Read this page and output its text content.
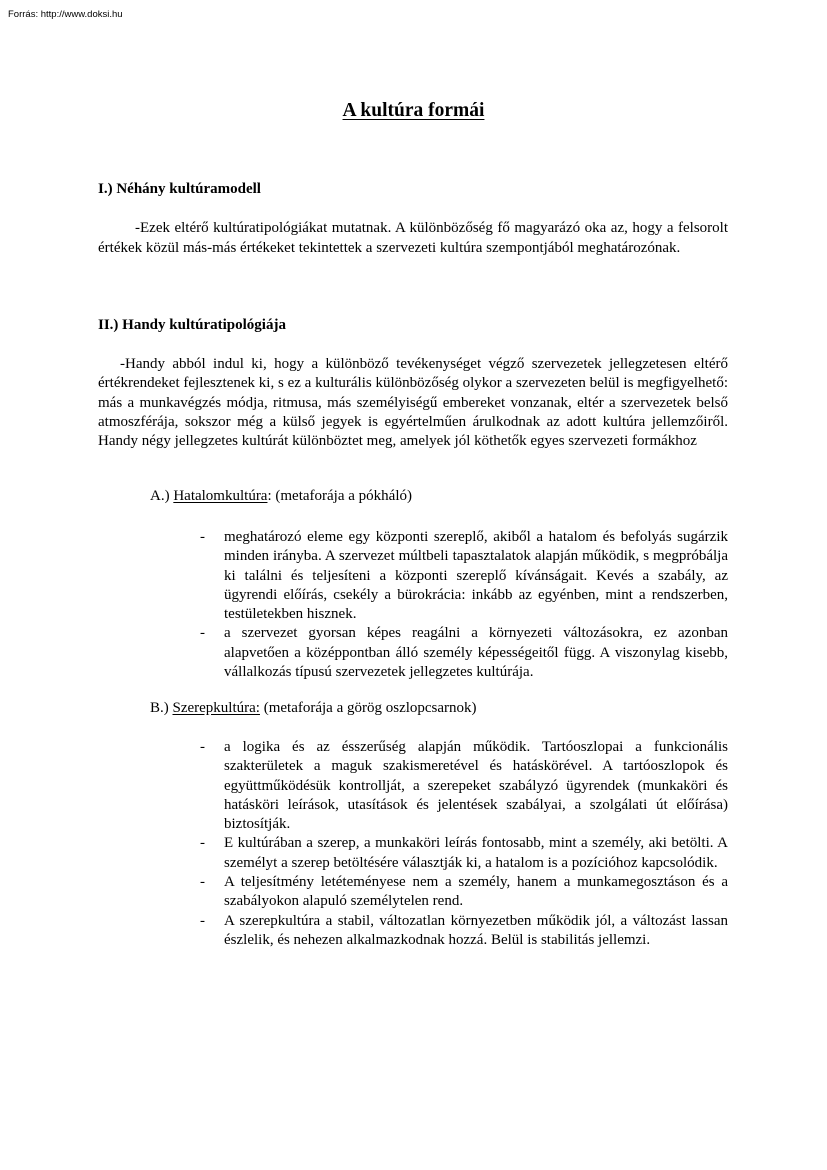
Forrás: http://www.doksi.hu
A kultúra formái
I.) Néhány kultúramodell

-Ezek eltérő kultúratipológiákat mutatnak. A különbözőség fő magyarázó oka az, hogy a felsorolt értékek közül más-más értékeket tekintettek a szervezeti kultúra szempontjából meghatározónak.

II.) Handy kultúratipológiája

-Handy abból indul ki, hogy a különböző tevékenységet végző szervezetek jellegzetesen eltérő értékrendeket fejlesztenek ki, s ez a kulturális különbözőség olykor a szervezeten belül is megfigyelhető: más a munkavégzés módja, ritmusa, más személyiségű embereket vonzanak, eltér a szervezetek belső atmoszférája, sokszor még a külső jegyek is egyértelműen árulkodnak az adott kultúra jellemzőiről. Handy négy jellegzetes kultúrát különböztet meg, amelyek jól köthetők egyes szervezeti formákhoz

A.) Hatalomkultúra: (metaforája a pókháló)

- meghatározó eleme egy központi szereplő, akiből a hatalom és befolyás sugárzik minden irányba. A szervezet múltbeli tapasztalatok alapján működik, s megpróbálja ki találni és teljesíteni a központi szereplő kívánságait. Kevés a szabály, az ügyrendi előírás, csekély a bürokrácia: inkább az egyénben, mint a rendszerben, testületekben hisznek.
- a szervezet gyorsan képes reagálni a környezeti változásokra, ez azonban alapvetően a középpontban álló személy képességeitől függ. A viszonylag kisebb, vállalkozás típusú szervezetek jellegzetes kultúrája.

B.) Szerepkultúra: (metaforája a görög oszlopcsarnok)

- a logika és az ésszerűség alapján működik. Tartóoszlopai a funkcionális szakterületek a maguk szakismeretével és hatáskörével. A tartóoszlopok és együttműködésük kontrollját, a szerepeket szabályzó ügyrendek (munkaköri és hatásköri leírások, utasítások és jelentések szabályai, a szolgálati út előírása) biztosítják.
- E kultúrában a szerep, a munkaköri leírás fontosabb, mint a személy, aki betölti. A személyt a szerep betöltésére választják ki, a hatalom is a pozícióhoz kapcsolódik.
- A teljesítmény letéteményese nem a személy, hanem a munkamegosztáson és a szabályokon alapuló személytelen rend.
- A szerepkultúra a stabil, változatlan környezetben működik jól, a változást lassan észlelik, és nehezen alkalmazkodnak hozzá. Belül is stabilitás jellemzi.
